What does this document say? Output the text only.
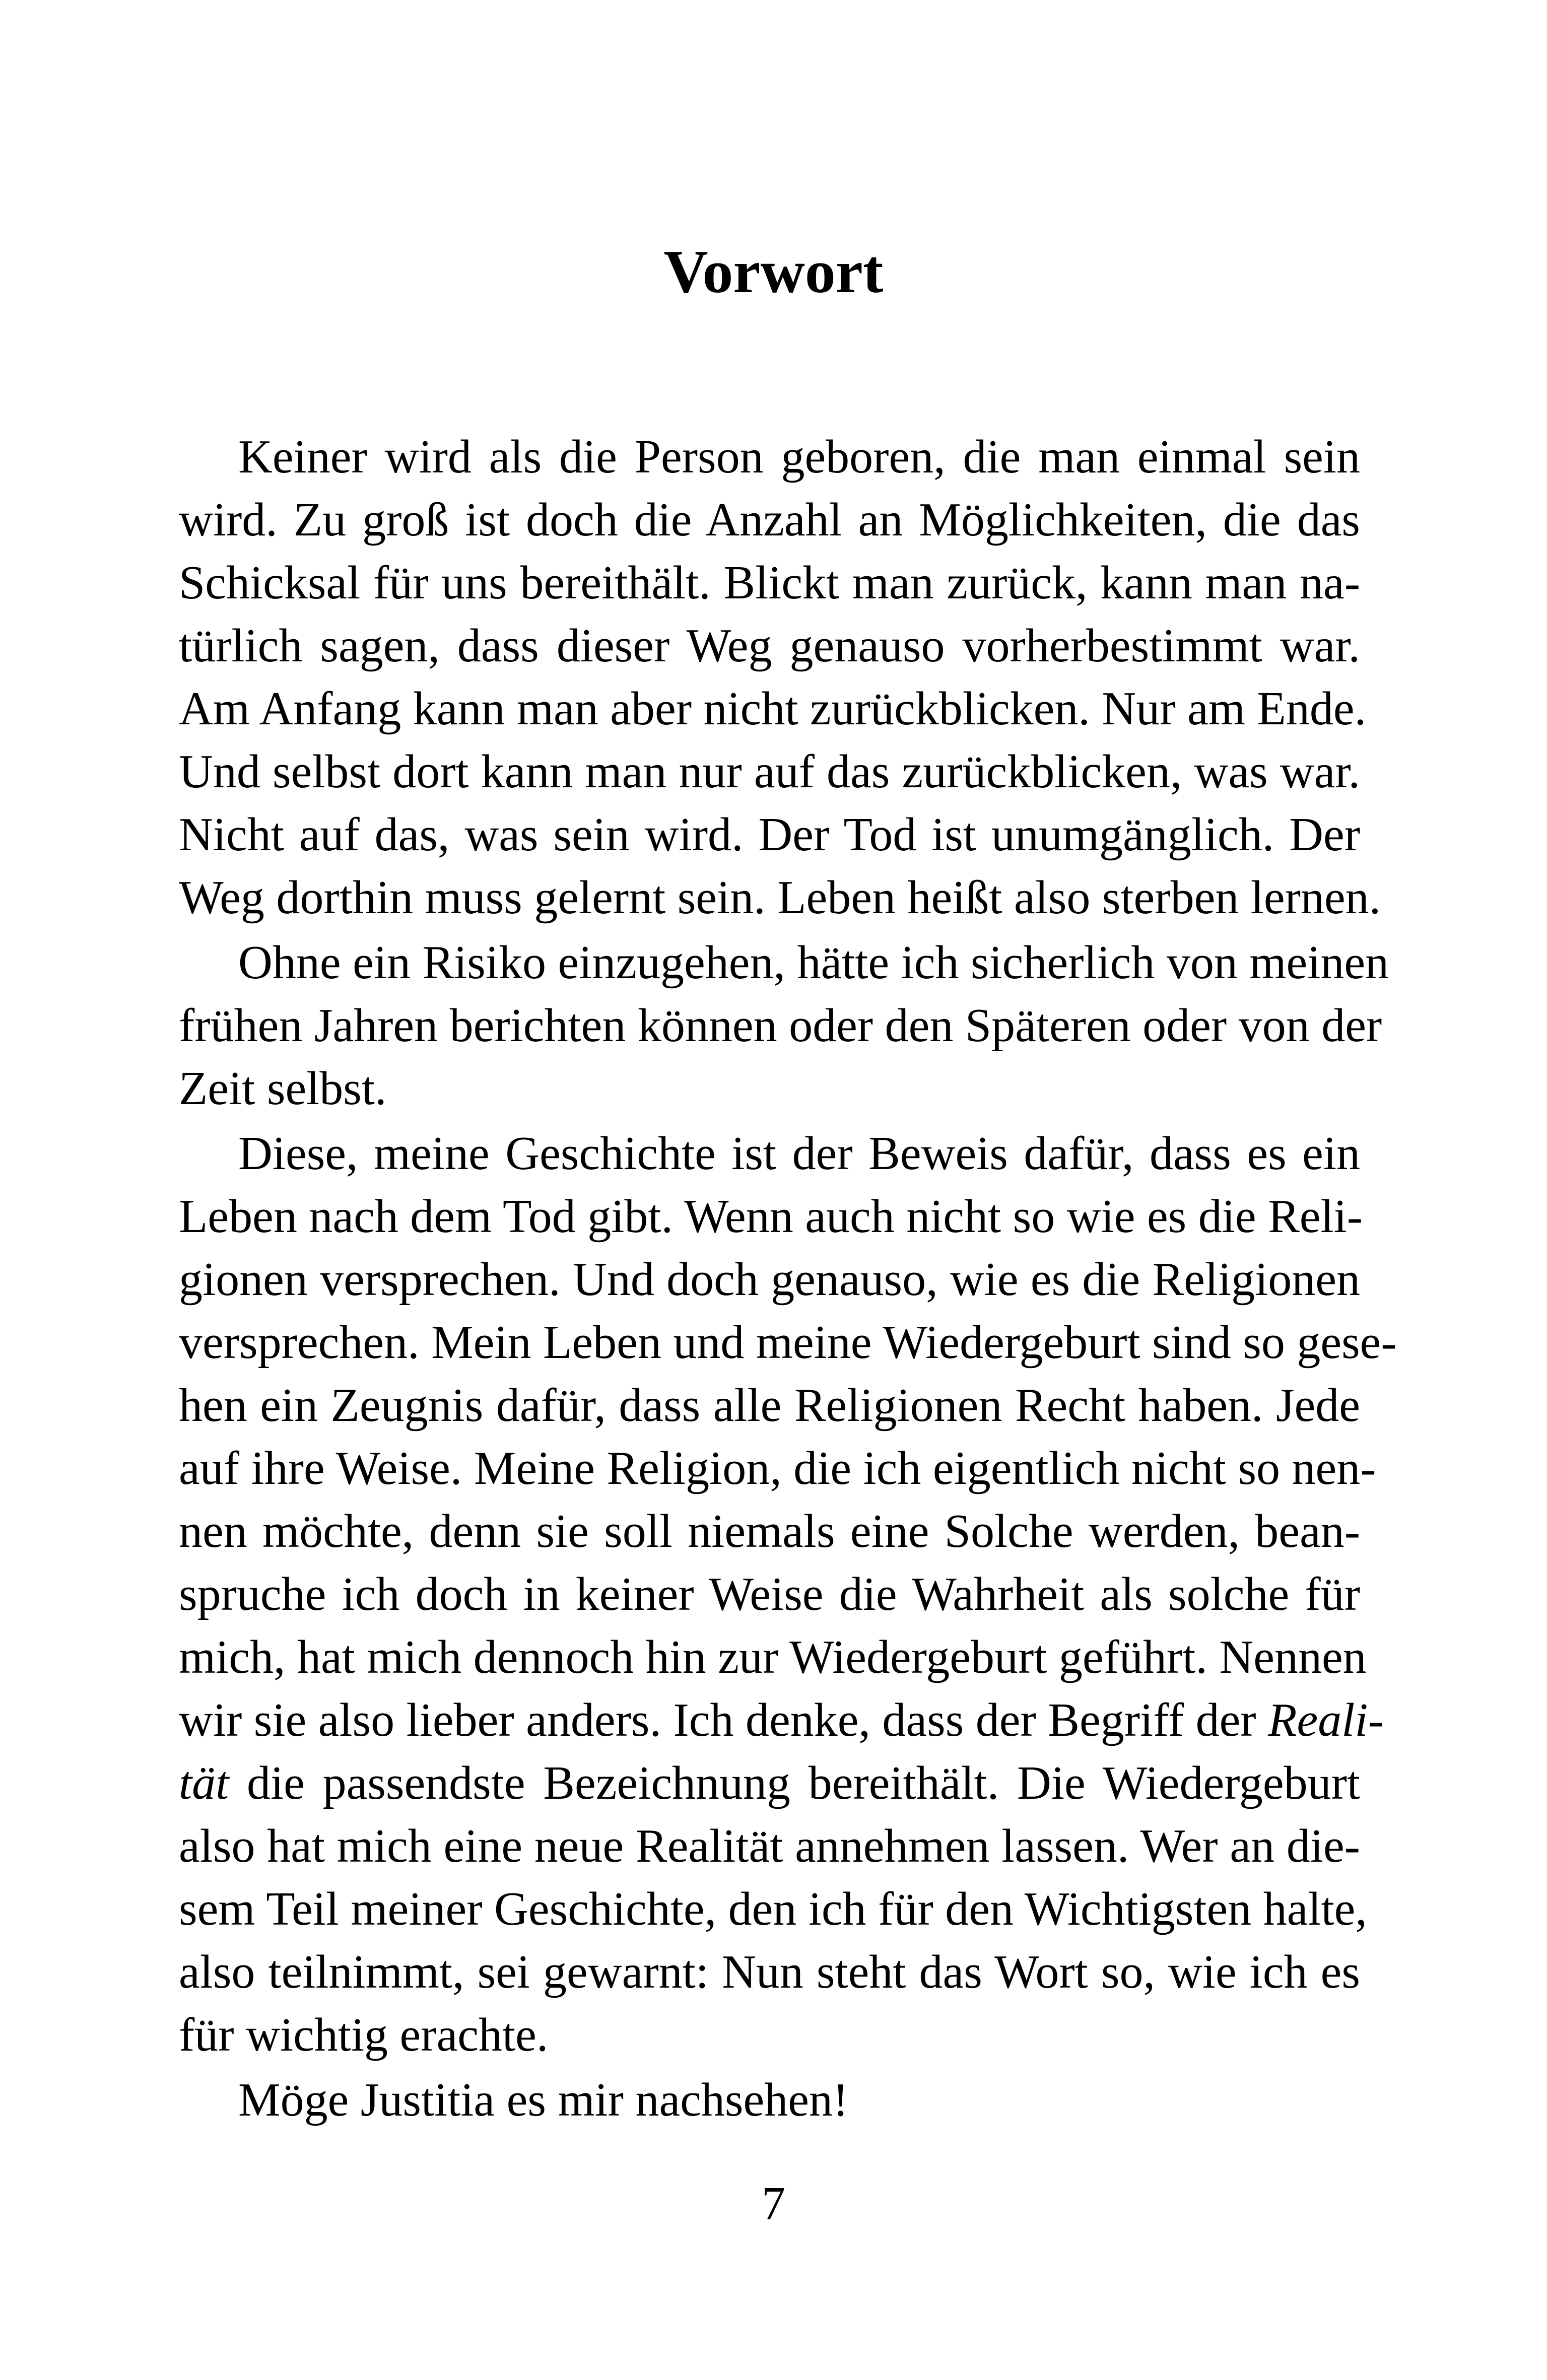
Vorwort
Keiner wird als die Person geboren, die man einmal sein
wird. Zu groß ist doch die Anzahl an Möglichkeiten, die das
Schicksal für uns bereithält. Blickt man zurück, kann man na-
türlich sagen, dass dieser Weg genauso vorherbestimmt war.
Am Anfang kann man aber nicht zurückblicken. Nur am Ende.
Und selbst dort kann man nur auf das zurückblicken, was war.
Nicht auf das, was sein wird. Der Tod ist unumgänglich. Der
Weg dorthin muss gelernt sein. Leben heißt also sterben lernen.
Ohne ein Risiko einzugehen, hätte ich sicherlich von meinen
frühen Jahren berichten können oder den Späteren oder von der
Zeit selbst.
Diese, meine Geschichte ist der Beweis dafür, dass es ein
Leben nach dem Tod gibt. Wenn auch nicht so wie es die Reli-
gionen versprechen. Und doch genauso, wie es die Religionen
versprechen. Mein Leben und meine Wiedergeburt sind so gese-
hen ein Zeugnis dafür, dass alle Religionen Recht haben. Jede
auf ihre Weise. Meine Religion, die ich eigentlich nicht so nen-
nen möchte, denn sie soll niemals eine Solche werden, bean-
spruche ich doch in keiner Weise die Wahrheit als solche für
mich, hat mich dennoch hin zur Wiedergeburt geführt. Nennen
wir sie also lieber anders. Ich denke, dass der Begriff der Reali-
tät die passendste Bezeichnung bereithält. Die Wiedergeburt
also hat mich eine neue Realität annehmen lassen. Wer an die-
sem Teil meiner Geschichte, den ich für den Wichtigsten halte,
also teilnimmt, sei gewarnt: Nun steht das Wort so, wie ich es
für wichtig erachte.
Möge Justitia es mir nachsehen!
7
